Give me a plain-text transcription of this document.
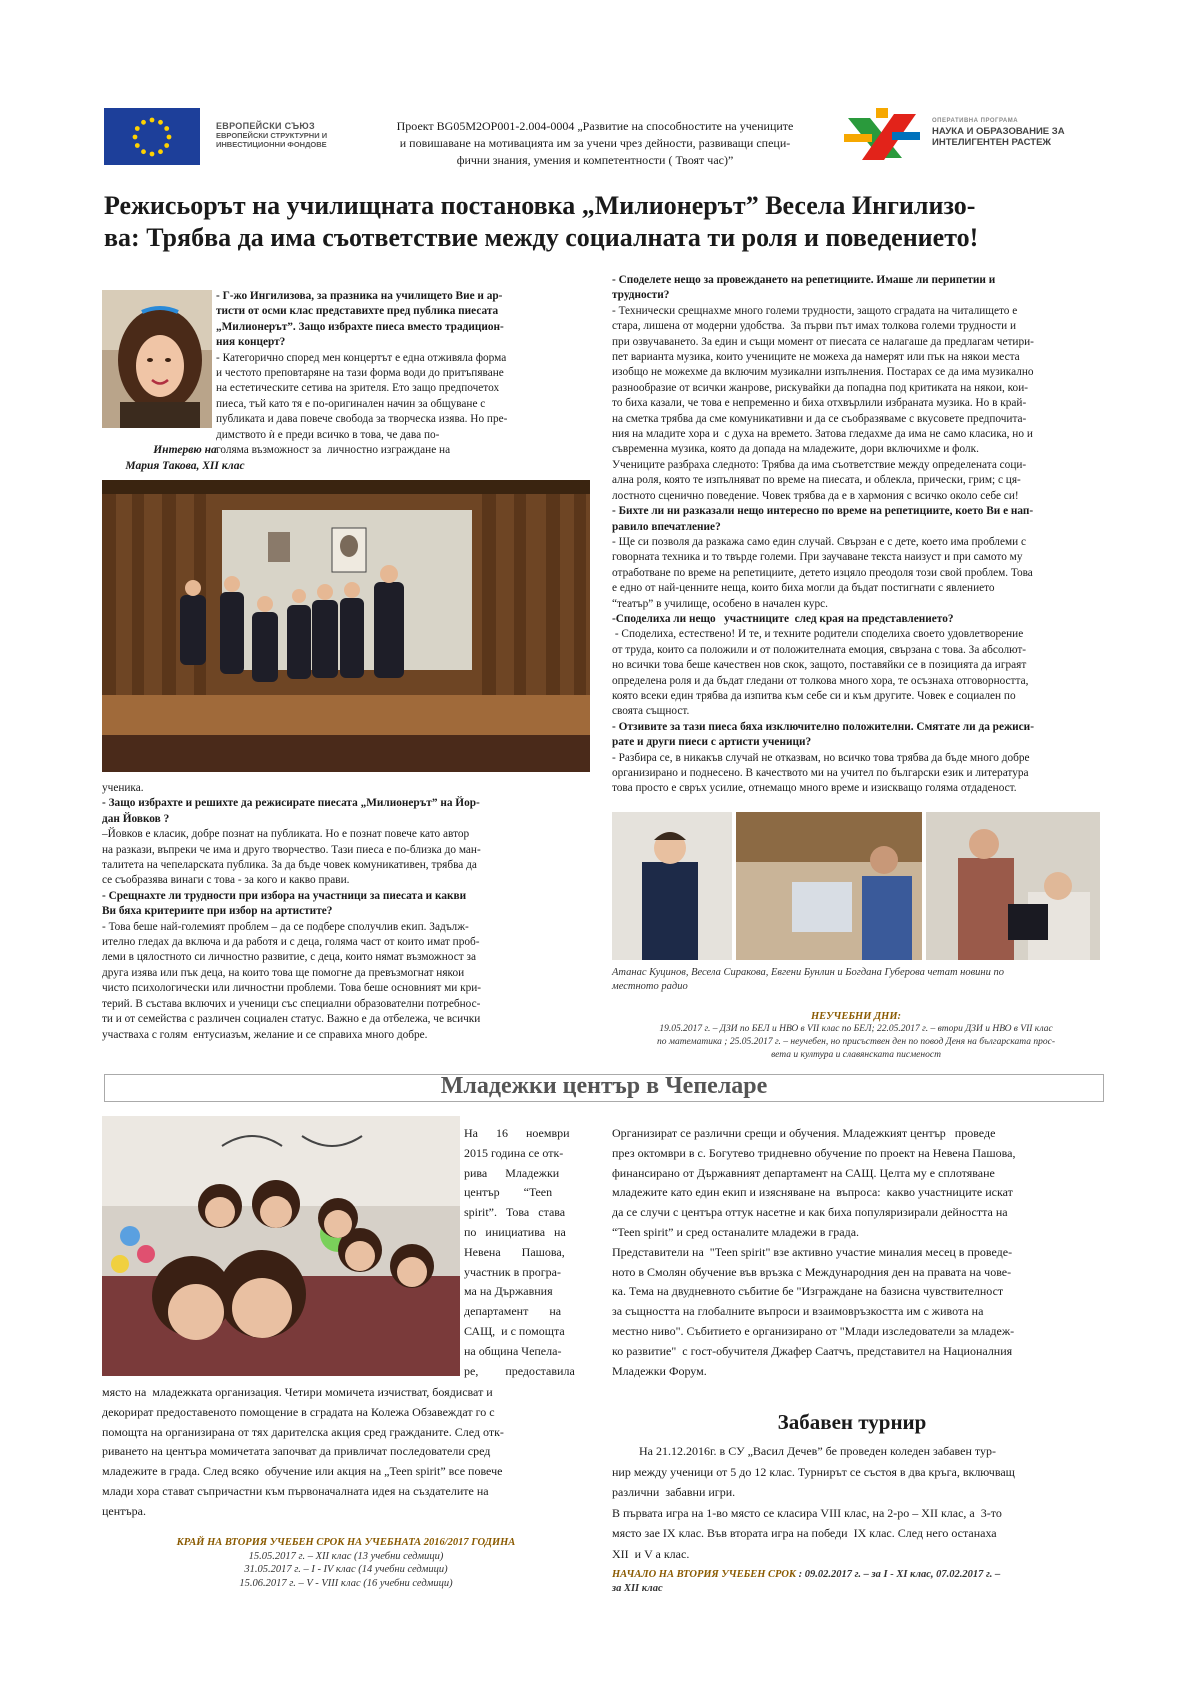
ЕВРОПЕЙСКИ СЪЮЗ
ЕВРОПЕЙСКИ СТРУКТУРНИ И
ИНВЕСТИЦИОННИ ФОНДОВЕ
Проект BG05M2OP001-2.004-0004 „Развитие на способностите на учениците
и повишаване на мотивацията им за учени чрез дейности, развиващи специ-
фични знания, умения и компетентности ( Твоят час)”
ОПЕРАТИВНА ПРОГРАМА
НАУКА И ОБРАЗОВАНИЕ ЗА
ИНТЕЛИГЕНТЕН РАСТЕЖ
Режисьорът на училищната постановка „Милионерът” Весела Ингилизо-
ва: Трябва да има съответствие между социалната ти роля и поведението!
Интервю на
Мария Такова, XII клас
- Г-жо Ингилизова, за празника на училището Вие и ар-
тисти от осми клас представихте пред публика пиесата
„Милионерът”. Защо избрахте пиеса вместо традицион-
ния концерт?
- Категорично според мен концертът е една отживяла форма
и честото преповтаряне на тази форма води до притъпяване
на естетическите сетива на зрителя. Ето защо предпочетох
пиеса, тъй като тя е по-оригинален начин за общуване с
публиката и дава повече свобода за творческа изява. Но пре-
димството ѝ е преди всичко в това, че дава по-
голяма възможност за  личностно изграждане на
ученика.
- Защо избрахте и решихте да режисирате пиесата „Милионерът” на Йор-
дан Йовков ?
–Йовков е класик, добре познат на публиката. Но е познат повече като автор
на разкази, въпреки че има и друго творчество. Тази пиеса е по-близка до ман-
талитета на чепеларската публика. За да бъде човек комуникативен, трябва да
се съобразява винаги с това - за кого и какво прави.
- Срещнахте ли трудности при избора на участници за пиесата и какви
Ви бяха критериите при избор на артистите?
- Това беше най-големият проблем – да се подбере сполучлив екип. Задълж-
ително гледах да включа и да работя и с деца, голяма част от които имат проб-
леми в цялостното си личностно развитие, с деца, които нямат възможност за
друга изява или пък деца, на които това ще помогне да превъзмогнат някои
чисто психологически или личностни проблеми. Това беше основният ми кри-
терий. В състава включих и ученици със специални образователни потребнос-
ти и от семейства с различен социален статус. Важно е да отбележа, че всички
участваха с голям  ентусиазъм, желание и се справиха много добре.
- Споделете нещо за провеждането на репетициите. Имаше ли перипетии и
трудности?
- Технически срещнахме много големи трудности, защото сградата на читалището е
стара, лишена от модерни удобства.  За първи път имах толкова големи трудности и
при озвучаването. За един и същи момент от пиесата се налагаше да предлагам четири-
пет варианта музика, които учениците не можеха да намерят или пък на някои места
изобщо не можехме да включим музикални изпълнения. Постарах се да има музикално
разнообразие от всички жанрове, рискувайки да попадна под критиката на някои, кои-
то биха казали, че това е непременно и биха отхвърлили избраната музика. Но в край-
на сметка трябва да сме комуникативни и да се съобразяваме с вкусовете предпочита-
ния на младите хора и  с духа на времето. Затова гледахме да има не само класика, но и
съвременна музика, която да допада на младежите, дори включихме и фолк.
Учениците разбраха следното: Трябва да има съответствие между определената соци-
ална роля, която те изпълняват по време на пиесата, и облекла, прически, грим; с ця-
лостното сценично поведение. Човек трябва да е в хармония с всичко около себе си!
- Бихте ли ни разказали нещо интересно по време на репетициите, което Ви е нап-
равило впечатление?
- Ще си позволя да разкажа само един случай. Свързан е с дете, което има проблеми с
говорната техника и то твърде големи. При заучаване текста наизуст и при самото му
отработване по време на репетициите, детето изцяло преодоля този свой проблем. Това
е едно от най-ценните неща, които биха могли да бъдат постигнати с явлението
“театър” в училище, особено в начален курс.
-Споделиха ли нещо   участниците  след края на представлението?
- Споделиха, естествено! И те, и техните родители споделиха своето удовлетворение
от труда, които са положили и от положителната емоция, свързана с това. За абсолют-
но всички това беше качествен нов скок, защото, поставяйки се в позицията да играят
определена роля и да бъдат гледани от толкова много хора, те осъзнаха отговорността,
която всеки един трябва да изпитва към себе си и към другите. Човек е социален по
своята същност.
- Отзивите за тази пиеса бяха изключително положителни. Смятате ли да режиси-
рате и други пиеси с артисти ученици?
- Разбира се, в никакъв случай не отказвам, но всичко това трябва да бъде много добре
организирано и поднесено. В качеството ми на учител по български език и литература
това просто е свръх усилие, отнемащо много време и изискващо голяма отдаденост.
Атанас Куцинов, Весела Сиракова, Евгени Бунлин и Богдана Губерова четат новини по
местното радио
НЕУЧЕБНИ ДНИ:
19.05.2017 г. – ДЗИ по БЕЛ и НВО в VII клас по БЕЛ; 22.05.2017 г. – втори ДЗИ и НВО в VII клас
по математика ; 25.05.2017 г. – неучебен, но присъствен ден по повод Деня на българската прос-
вета и култура и славянската писменост
Младежки център в Чепеларе
На      16      ноември
2015 година се отк-
рива      Младежки
център        “Teen
spirit”.   Това   става
по   инициатива   на
Невена       Пашова,
участник в програ-
ма на Държавния
департамент       на
САЩ,  и с помощта
на община Чепела-
ре,         предоставила
място на  младежката организация. Четири момичета изчистват, боядисват и
декорират предоставеното помощение в сградата на Колежа Обзавеждат го с
помощта на организирана от тях дарителска акция сред гражданите. След отк-
риването на центъра момичетата започват да привличат последователи сред
младежите в града. След всяко  обучение или акция на „Teen spirit” все повече
млади хора стават съпричастни към първоначалната идея на създателите на
центъра.
Организират се различни срещи и обучения. Младежкият център   проведе
през октомври в с. Богутево тридневно обучение по проект на Невена Пашова,
финансирано от Държавният департамент на САЩ. Целта му е сплотяване
младежите като един екип и изясняване на  въпроса:  какво участниците искат
да се случи с центъра оттук насетне и как биха популяризирали дейността на
“Teen spirit” и сред останалите младежи в града.
Представители на  "Teen spirit" взе активно участие миналия месец в проведе-
ното в Смолян обучение във връзка с Международния ден на правата на чове-
ка. Тема на двудневното събитие бе "Изграждане на базисна чувствителност
за същността на глобалните въпроси и взаимовръзкостта им с живота на
местно ниво". Събитието е организирано от "Млади изследователи за младеж-
ко развитие"  с гост-обучителя Джафер Саатчъ, представител на Националния
Младежки Форум.
КРАЙ НА ВТОРИЯ УЧЕБЕН СРОК НА УЧЕБНАТА 2016/2017 ГОДИНА
15.05.2017 г. – XII клас (13 учебни седмици)
31.05.2017 г. – I - IV клас (14 учебни седмици)
15.06.2017 г. – V - VIII клас (16 учебни седмици)
Забавен турнир
На 21.12.2016г. в СУ „Васил Дечев” бе проведен коледен забавен тур-
нир между ученици от 5 до 12 клас. Турнирът се състоя в два кръга, включващ
различни  забавни игри.
В първата игра на 1-во място се класира VIII клас, на 2-ро – XII клас, а  3-то
място зае IX клас. Във втората игра на победи  IX клас. След него останаха
XII  и V а клас.
НАЧАЛО НА ВТОРИЯ УЧЕБЕН СРОК : 09.02.2017 г. – за I - XI клас, 07.02.2017 г. –
за XII клас
